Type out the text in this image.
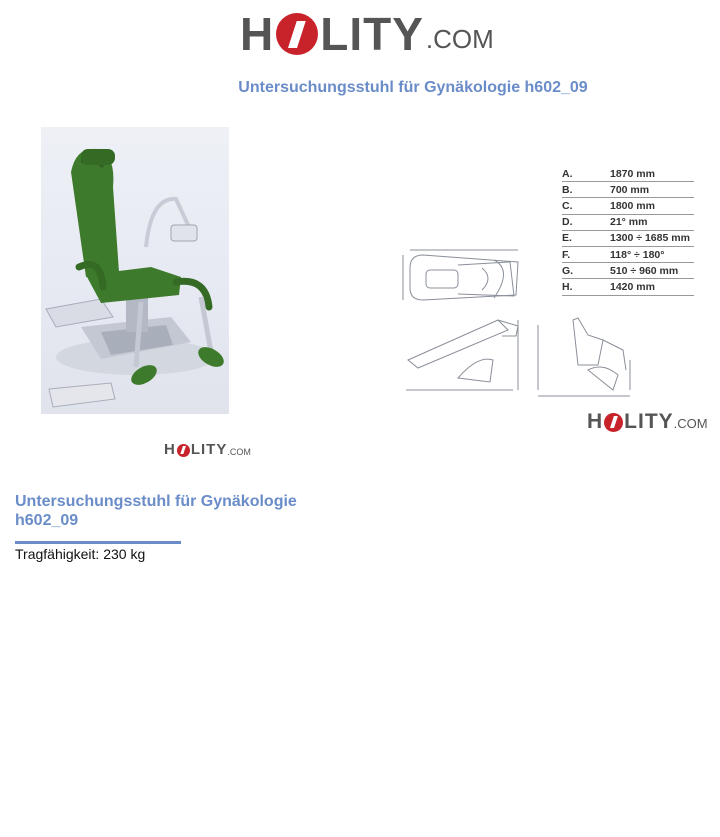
H LITY .COM
Untersuchungsstuhl für Gynäkologie h602_09
H LITY .COM
A.	1870 mm
B.	700 mm
C.	1800 mm
D.	21° mm
E.	1300 ÷ 1685 mm
F.	118° ÷ 180°
G.	510 ÷ 960 mm
H.	1420 mm
H LITY .COM
Untersuchungsstuhl für Gynäkologie h602_09
Tragfähigkeit: 230 kg
